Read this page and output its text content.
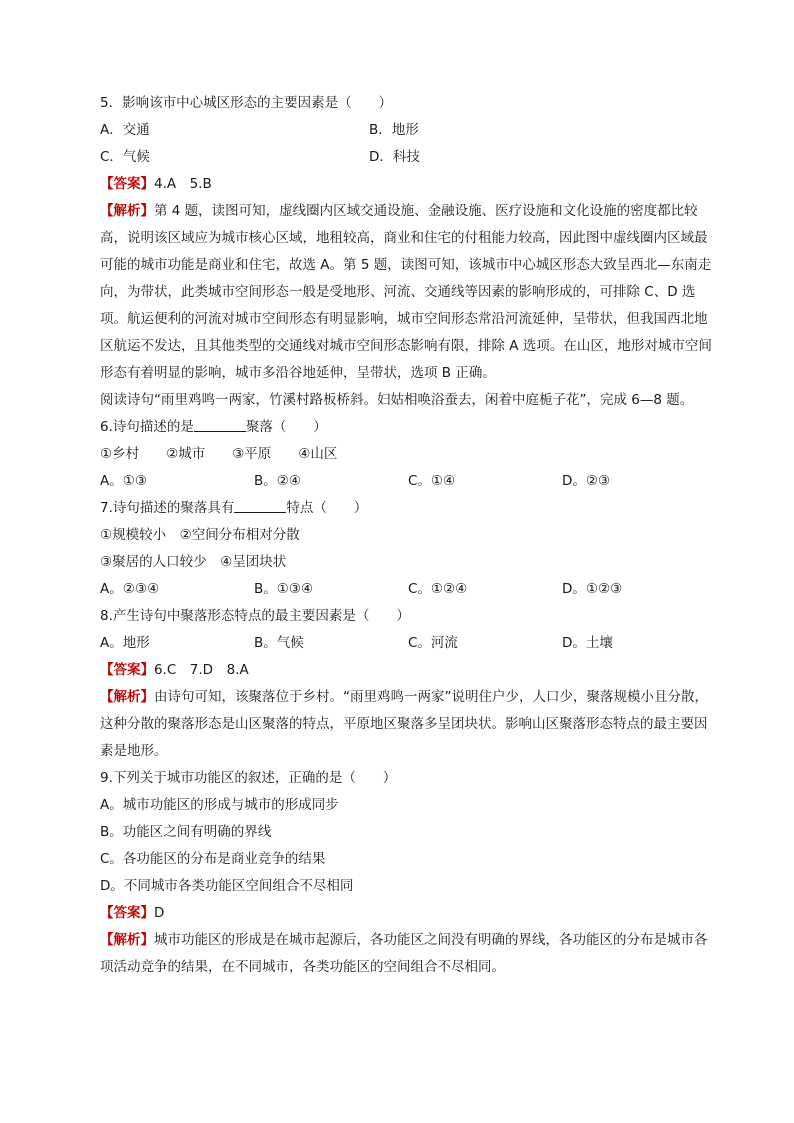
5．影响该市中心城区形态的主要因素是（　　）
A．交通	B．地形
C．气候	D．科技
【答案】4.A　5.B
【解析】第 4 题，读图可知，虚线圈内区域交通设施、金融设施、医疗设施和文化设施的密度都比较高，说明该区域应为城市核心区域，地租较高，商业和住宅的付租能力较高，因此图中虚线圈内区域最可能的城市功能是商业和住宅，故选 A。第 5 题，读图可知，该城市中心城区形态大致呈西北—东南走向，为带状，此类城市空间形态一般是受地形、河流、交通线等因素的影响形成的，可排除 C、D 选项。航运便利的河流对城市空间形态有明显影响，城市空间形态常沿河流延伸，呈带状，但我国西北地区航运不发达，且其他类型的交通线对城市空间形态影响有限，排除 A 选项。在山区，地形对城市空间形态有着明显的影响，城市多沿谷地延伸，呈带状，选项 B 正确。
阅读诗句“雨里鸡鸣一两家，竹溪村路板桥斜。妇姑相唤浴蚕去，闲着中庭栀子花”，完成 6—8 题。
6.诗句描述的是	聚落（　　）
①乡村　　②城市　　③平原　　④山区
A。①③	B。②④	C。①④	D。②③
7.诗句描述的聚落具有	特点（　　）
①规模较小　②空间分布相对分散
③聚居的人口较少　④呈团块状
A。②③④	B。①③④	C。①②④	D。①②③
8.产生诗句中聚落形态特点的最主要因素是（　　）
A。地形	B。气候	C。河流	D。土壤
【答案】6.C　7.D　8.A
【解析】由诗句可知，该聚落位于乡村。“雨里鸡鸣一两家”说明住户少，人口少，聚落规模小且分散，这种分散的聚落形态是山区聚落的特点，平原地区聚落多呈团块状。影响山区聚落形态特点的最主要因素是地形。
9.下列关于城市功能区的叙述，正确的是（　　）
A。城市功能区的形成与城市的形成同步
B。功能区之间有明确的界线
C。各功能区的分布是商业竞争的结果
D。不同城市各类功能区空间组合不尽相同
【答案】D
【解析】城市功能区的形成是在城市起源后，各功能区之间没有明确的界线，各功能区的分布是城市各项活动竞争的结果，在不同城市，各类功能区的空间组合不尽相同。
